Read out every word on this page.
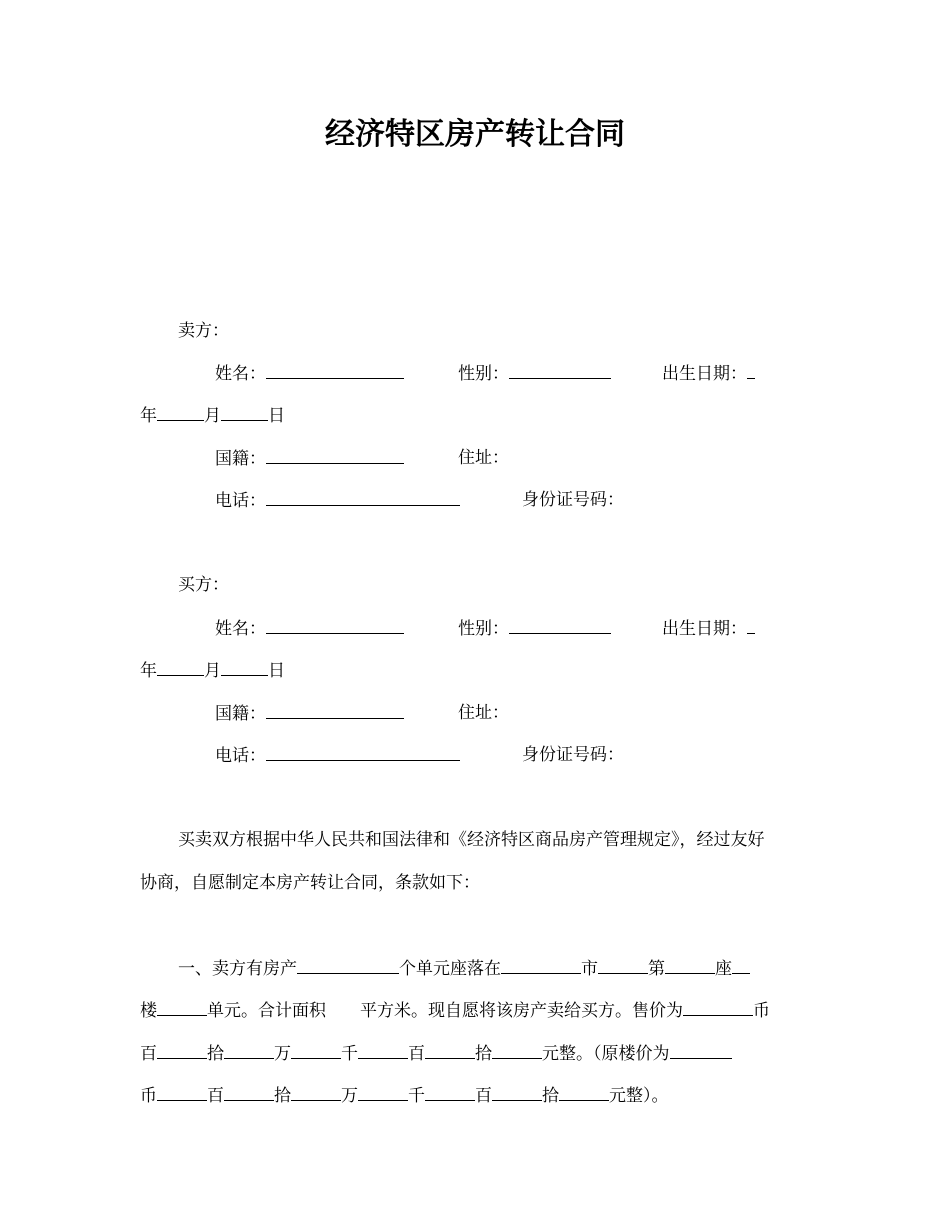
经济特区房产转让合同
卖方：
姓名：	性别：	出生日期：
年	月	日
国籍：	住址：
电话：	身份证号码：
买方：
姓名：	性别：	出生日期：
年	月	日
国籍：	住址：
电话：	身份证号码：
买卖双方根据中华人民共和国法律和《经济特区商品房产管理规定》，经过友好
协商，自愿制定本房产转让合同，条款如下：
一、卖方有房产	个单元座落在	市	第	座
楼	单元。合计面积 平方米。现自愿将该房产卖给买方。售价为	币
百	拾	万	千	百	拾	元整。（原楼价为
币	百	拾	万	千	百	拾	元整）。
